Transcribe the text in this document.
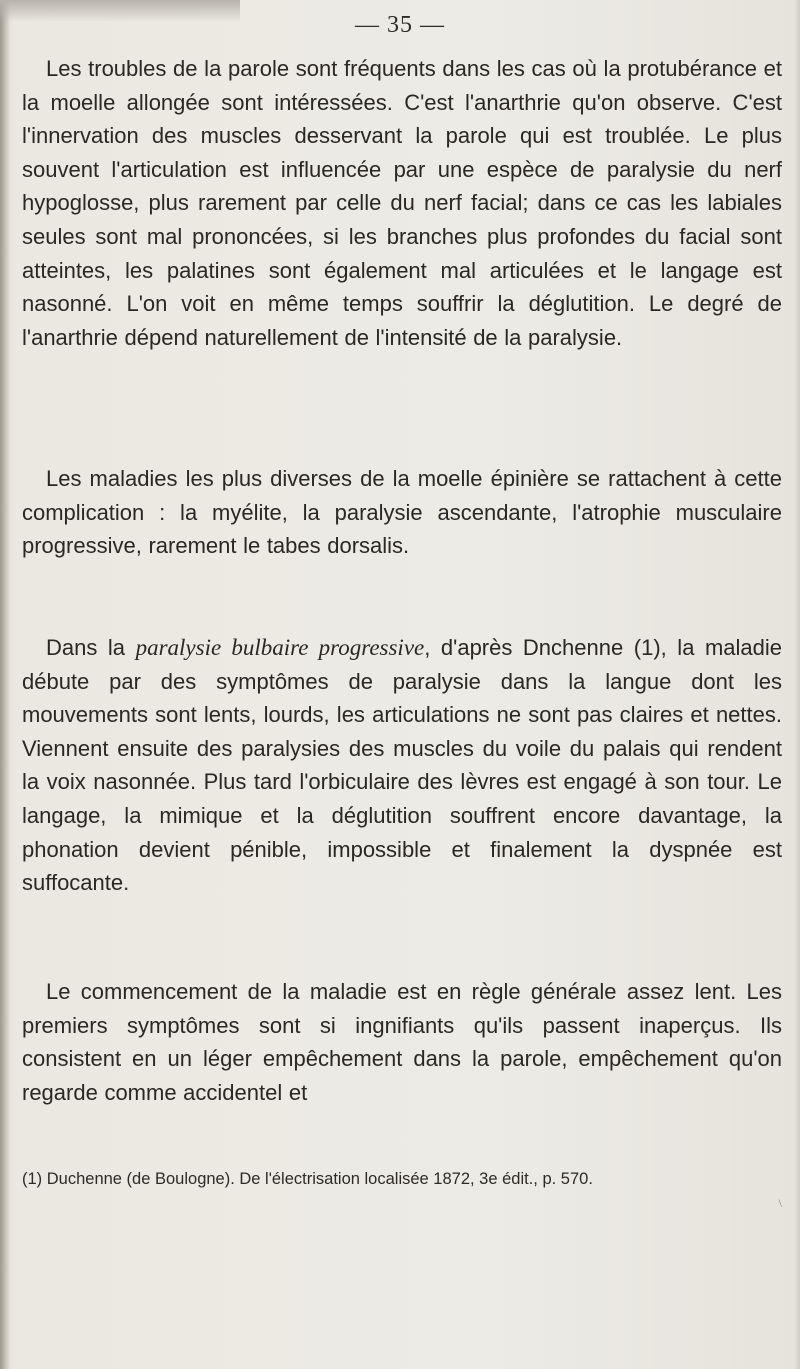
— 35 —

Les troubles de la parole sont fréquents dans les cas où la protubérance et la moelle allongée sont intéressées. C'est l'anarthrie qu'on observe. C'est l'innervation des muscles desservant la parole qui est troublée. Le plus souvent l'articulation est influencée par une espèce de paralysie du nerf hypoglosse, plus rarement par celle du nerf facial; dans ce cas les labiales seules sont mal prononcées, si les branches plus profondes du facial sont atteintes, les palatines sont également mal articulées et le langage est nasonné. L'on voit en même temps souffrir la déglutition. Le degré de l'anarthrie dépend naturellement de l'intensité de la paralysie.

Les maladies les plus diverses de la moelle épinière se rattachent à cette complication : la myélite, la paralysie ascendante, l'atrophie musculaire progressive, rarement le tabes dorsalis.

Dans la paralysie bulbaire progressive, d'après Dnchenne (1), la maladie débute par des symptômes de paralysie dans la langue dont les mouvements sont lents, lourds, les articulations ne sont pas claires et nettes. Viennent ensuite des paralysies des muscles du voile du palais qui rendent la voix nasonnée. Plus tard l'orbiculaire des lèvres est engagé à son tour. Le langage, la mimique et la déglutition souffrent encore davantage, la phonation devient pénible, impossible et finalement la dyspnée est suffocante.

Le commencement de la maladie est en règle générale assez lent. Les premiers symptômes sont si ingnifiants qu'ils passent inaperçus. Ils consistent en un léger empêchement dans la parole, empêchement qu'on regarde comme accidentel et

(1) Duchenne (de Boulogne). De l'électrisation localisée 1872, 3e édit., p. 570.
\
